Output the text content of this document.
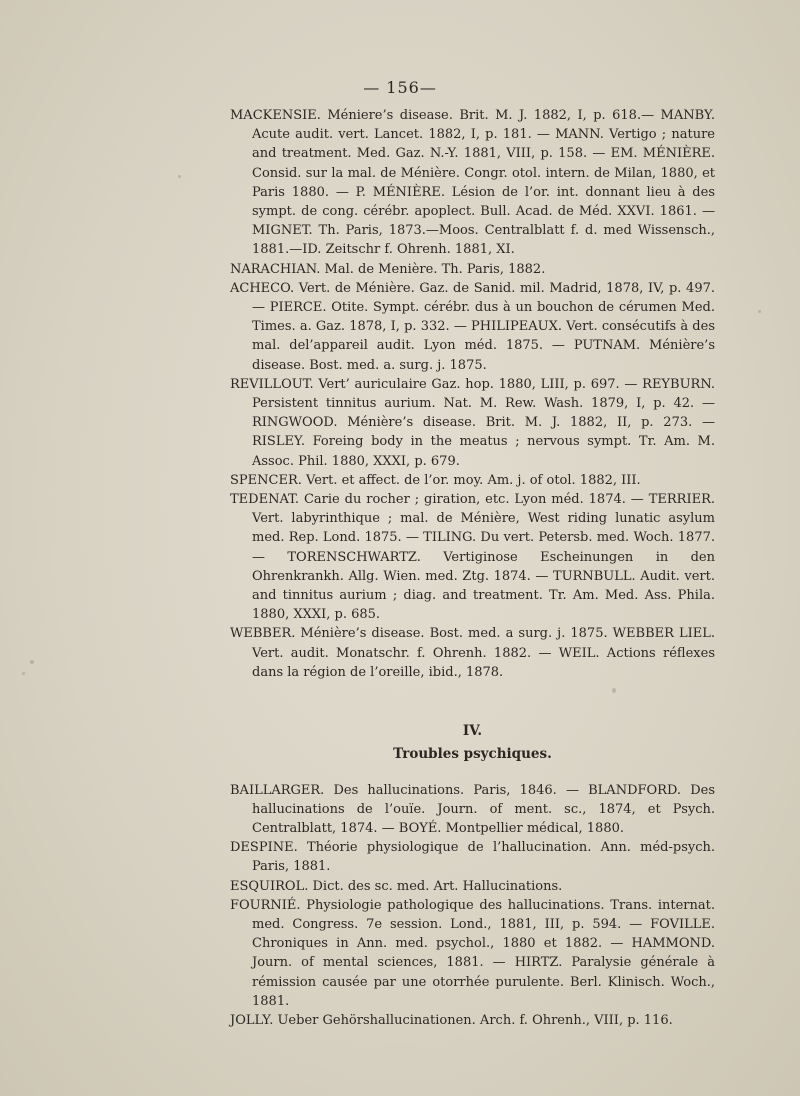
— 156—

MACKENSIE. Méniere’s disease. Brit. M. J. 1882, I, p. 618.— MANBY. Acute audit. vert. Lancet. 1882, I, p. 181. — MANN. Vertigo ; nature and treatment. Med. Gaz. N.-Y. 1881, VIII, p. 158. — EM. MÉNIÈRE. Consid. sur la mal. de Ménière. Congr. otol. intern. de Milan, 1880, et Paris 1880. — P. MÉNIÈRE. Lésion de l’or. int. donnant lieu à des sympt. de cong. cérébr. apoplect. Bull. Acad. de Méd. XXVI. 1861. — MIGNET. Th. Paris, 1873.—Moos. Centralblatt f. d. med Wissensch., 1881.—ID. Zeitschr f. Ohrenh. 1881, XI.

NARACHIAN. Mal. de Menière. Th. Paris, 1882.

ACHECO. Vert. de Ménière. Gaz. de Sanid. mil. Madrid, 1878, IV, p. 497. — PIERCE. Otite. Sympt. cérébr. dus à un bouchon de cérumen Med. Times. a. Gaz. 1878, I, p. 332. — PHILIPEAUX. Vert. consécutifs à des mal. del’appareil audit. Lyon méd. 1875. — PUTNAM. Ménière’s disease. Bost. med. a. surg. j. 1875.

REVILLOUT. Vert’ auriculaire Gaz. hop. 1880, LIII, p. 697. — REYBURN. Persistent tinnitus aurium. Nat. M. Rew. Wash. 1879, I, p. 42. — RINGWOOD. Ménière’s disease. Brit. M. J. 1882, II, p. 273. — RISLEY. Foreing body in the meatus ; nervous sympt. Tr. Am. M. Assoc. Phil. 1880, XXXI, p. 679.

SPENCER. Vert. et affect. de l’or. moy. Am. j. of otol. 1882, III.

TEDENAT. Carie du rocher ; giration, etc. Lyon méd. 1874. — TERRIER. Vert. labyrinthique ; mal. de Ménière, West riding lunatic asylum med. Rep. Lond. 1875. — TILING. Du vert. Petersb. med. Woch. 1877. — TORENSCHWARTZ. Vertiginose Escheinungen in den Ohrenkrankh. Allg. Wien. med. Ztg. 1874. — TURNBULL. Audit. vert. and tinnitus aurium ; diag. and treatment. Tr. Am. Med. Ass. Phila. 1880, XXXI, p. 685.

WEBBER. Ménière’s disease. Bost. med. a surg. j. 1875. WEBBER LIEL. Vert. audit. Monatschr. f. Ohrenh. 1882. — WEIL. Actions réflexes dans la région de l’oreille, ibid., 1878.

IV.
Troubles psychiques.

BAILLARGER. Des hallucinations. Paris, 1846. — BLANDFORD. Des hallucinations de l’ouïe. Journ. of ment. sc., 1874, et Psych. Centralblatt, 1874. — BOYÉ. Montpellier médical, 1880.

DESPINE. Théorie physiologique de l’hallucination. Ann. méd-psych. Paris, 1881.

ESQUIROL. Dict. des sc. med. Art. Hallucinations.

FOURNIÉ. Physiologie pathologique des hallucinations. Trans. internat. med. Congress. 7e session. Lond., 1881, III, p. 594. — FOVILLE. Chroniques in Ann. med. psychol., 1880 et 1882. — HAMMOND. Journ. of mental sciences, 1881. — HIRTZ. Paralysie générale à rémission causée par une otorrhée purulente. Berl. Klinisch. Woch., 1881.

JOLLY. Ueber Gehörshallucinationen. Arch. f. Ohrenh., VIII, p. 116.
